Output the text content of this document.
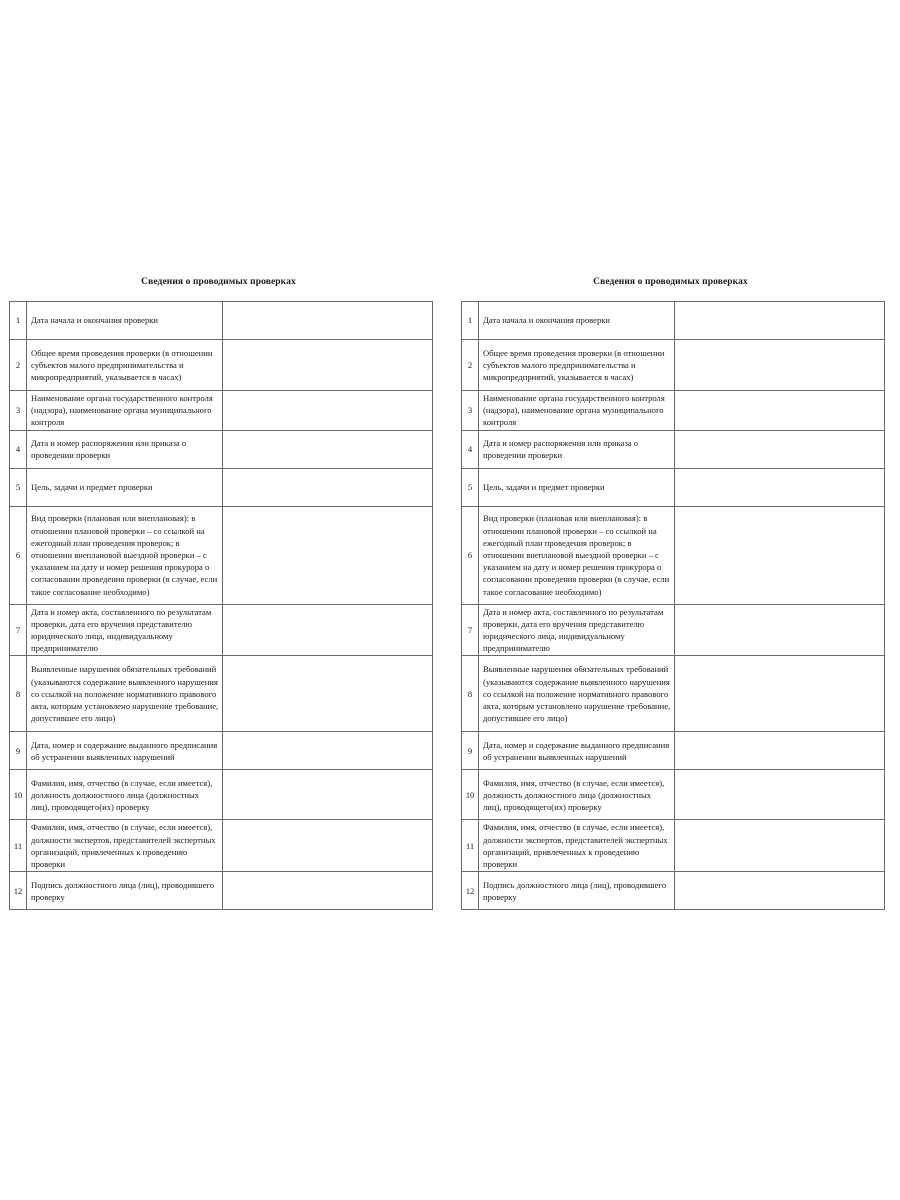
Сведения о проводимых проверках
1	Дата начала и окончания проверки	
2	Общее время проведения проверки (в отношении субъектов малого предпринимательства и микропредприятий, указывается в часах)	
3	Наименование органа государственного контроля (надзора), наименование органа муниципального контроля	
4	Дата и номер распоряжения или приказа о проведении проверки	
5	Цель, задачи и предмет проверки	
6	Вид проверки (плановая или внеплановая): в отношении плановой проверки – со ссылкой на ежегодный план проведения проверок; в отношении внеплановой выездной проверки – с указанием на дату и номер решения прокурора о согласовании проведения проверки (в случае, если такое согласование необходимо)	
7	Дата и номер акта, составленного по результатам проверки, дата его вручения представителю юридического лица, индивидуальному предпринимателю	
8	Выявленные нарушения обязательных требований (указываются содержание выявленного нарушения со ссылкой на положение нормативного правового акта, которым установлено нарушение требование, допустившее его лицо)	
9	Дата, номер и содержание выданного предписания об устранении выявленных нарушений	
10	Фамилия, имя, отчество (в случае, если имеется), должность должностного лица (должностных лиц), проводящего(их) проверку	
11	Фамилия, имя, отчество (в случае, если имеется), должности экспертов, представителей экспертных организаций, привлеченных к проведению проверки	
12	Подпись должностного лица (лиц), проводившего проверку	
Сведения о проводимых проверках
1	Дата начала и окончания проверки	
2	Общее время проведения проверки (в отношении субъектов малого предпринимательства и микропредприятий, указывается в часах)	
3	Наименование органа государственного контроля (надзора), наименование органа муниципального контроля	
4	Дата и номер распоряжения или приказа о проведении проверки	
5	Цель, задачи и предмет проверки	
6	Вид проверки (плановая или внеплановая): в отношении плановой проверки – со ссылкой на ежегодный план проведения проверок; в отношении внеплановой выездной проверки – с указанием на дату и номер решения прокурора о согласовании проведения проверки (в случае, если такое согласование необходимо)	
7	Дата и номер акта, составленного по результатам проверки, дата его вручения представителю юридического лица, индивидуальному предпринимателю	
8	Выявленные нарушения обязательных требований (указываются содержание выявленного нарушения со ссылкой на положение нормативного правового акта, которым установлено нарушение требование, допустившее его лицо)	
9	Дата, номер и содержание выданного предписания об устранении выявленных нарушений	
10	Фамилия, имя, отчество (в случае, если имеется), должность должностного лица (должностных лиц), проводящего(их) проверку	
11	Фамилия, имя, отчество (в случае, если имеется), должности экспертов, представителей экспертных организаций, привлеченных к проведению проверки	
12	Подпись должностного лица (лиц), проводившего проверку	
